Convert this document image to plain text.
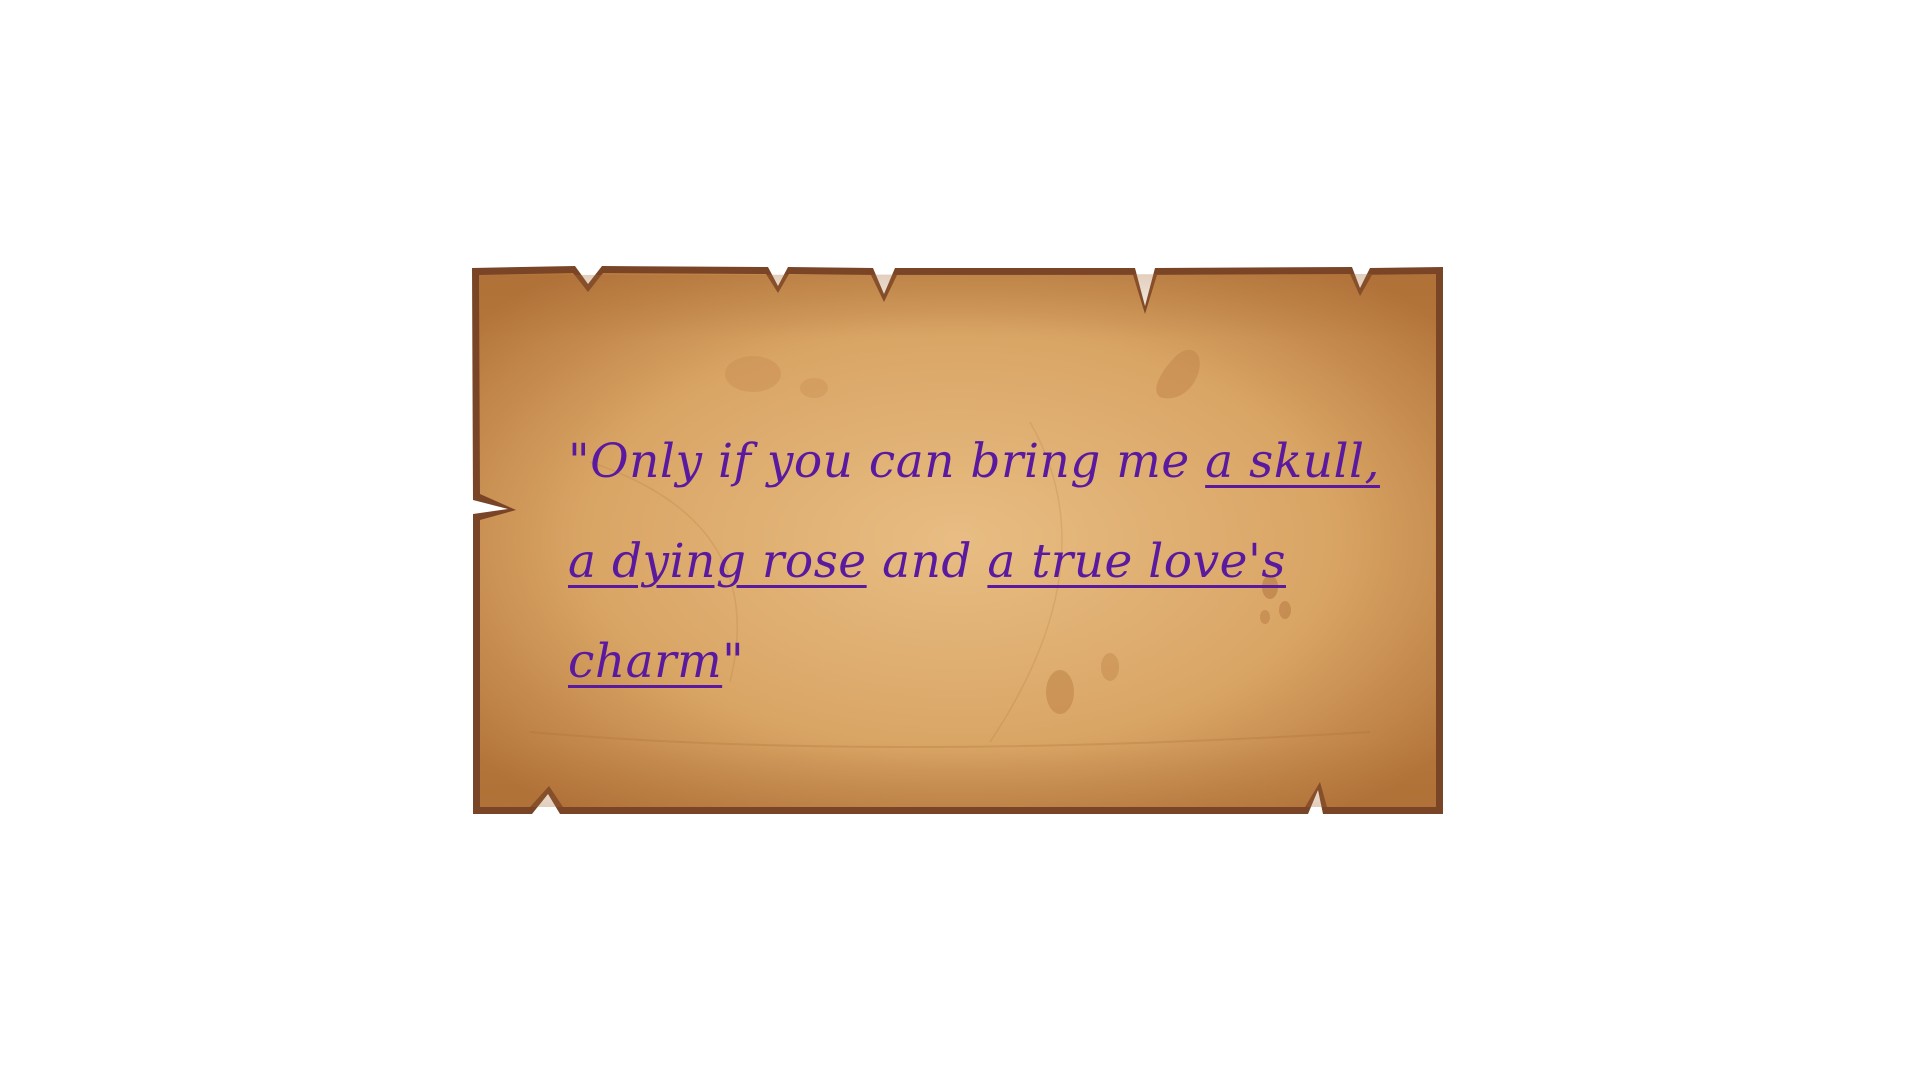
"Only if you can bring me a skull, a dying rose and a true love's charm"
